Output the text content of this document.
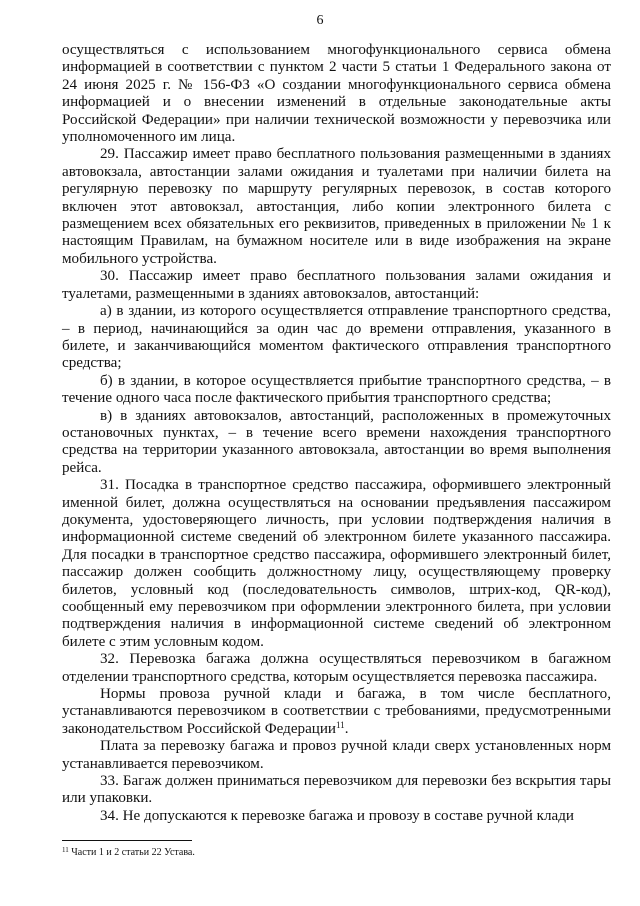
6

осуществляться с использованием многофункционального сервиса обмена информацией в соответствии с пунктом 2 части 5 статьи 1 Федерального закона от 24 июня 2025 г. № 156-ФЗ «О создании многофункционального сервиса обмена информацией и о внесении изменений в отдельные законодательные акты Российской Федерации» при наличии технической возможности у перевозчика или уполномоченного им лица.

29. Пассажир имеет право бесплатного пользования размещенными в зданиях автовокзала, автостанции залами ожидания и туалетами при наличии билета на регулярную перевозку по маршруту регулярных перевозок, в состав которого включен этот автовокзал, автостанция, либо копии электронного билета с размещением всех обязательных его реквизитов, приведенных в приложении № 1 к настоящим Правилам, на бумажном носителе или в виде изображения на экране мобильного устройства.

30. Пассажир имеет право бесплатного пользования залами ожидания и туалетами, размещенными в зданиях автовокзалов, автостанций:

а) в здании, из которого осуществляется отправление транспортного средства, – в период, начинающийся за один час до времени отправления, указанного в билете, и заканчивающийся моментом фактического отправления транспортного средства;

б) в здании, в которое осуществляется прибытие транспортного средства, – в течение одного часа после фактического прибытия транспортного средства;

в) в зданиях автовокзалов, автостанций, расположенных в промежуточных остановочных пунктах, – в течение всего времени нахождения транспортного средства на территории указанного автовокзала, автостанции во время выполнения рейса.

31. Посадка в транспортное средство пассажира, оформившего электронный именной билет, должна осуществляться на основании предъявления пассажиром документа, удостоверяющего личность, при условии подтверждения наличия в информационной системе сведений об электронном билете указанного пассажира. Для посадки в транспортное средство пассажира, оформившего электронный билет, пассажир должен сообщить должностному лицу, осуществляющему проверку билетов, условный код (последовательность символов, штрих-код, QR-код), сообщенный ему перевозчиком при оформлении электронного билета, при условии подтверждения наличия в информационной системе сведений об электронном билете с этим условным кодом.

32. Перевозка багажа должна осуществляться перевозчиком в багажном отделении транспортного средства, которым осуществляется перевозка пассажира.

Нормы провоза ручной клади и багажа, в том числе бесплатного, устанавливаются перевозчиком в соответствии с требованиями, предусмотренными законодательством Российской Федерации$^{11}$.

Плата за перевозку багажа и провоз ручной клади сверх установленных норм устанавливается перевозчиком.

33. Багаж должен приниматься перевозчиком для перевозки без вскрытия тары или упаковки.

34. Не допускаются к перевозке багажа и провозу в составе ручной клади

$^{11}$ Части 1 и 2 статьи 22 Устава.
